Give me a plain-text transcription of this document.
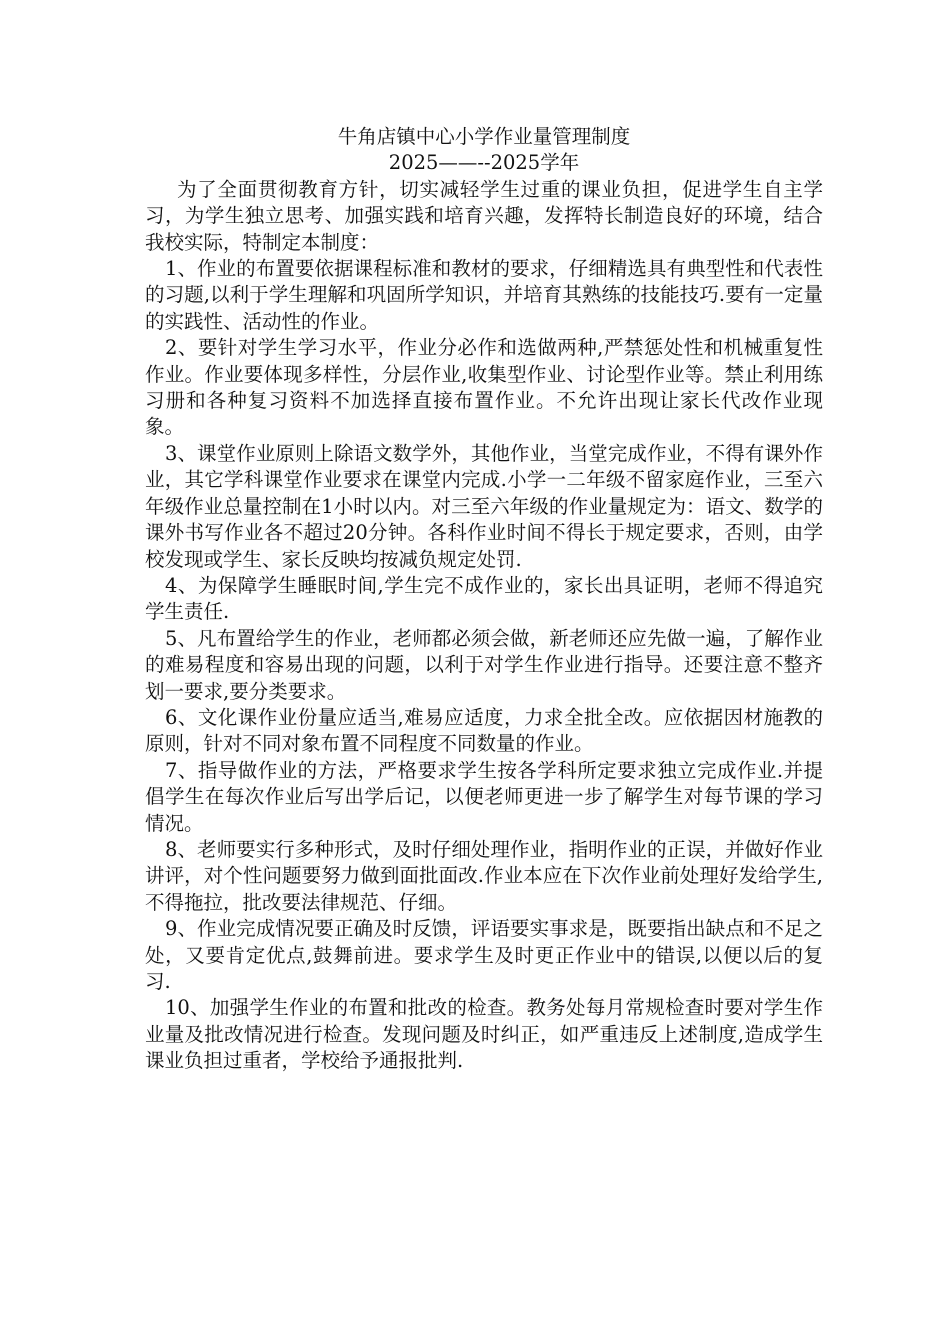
牛角店镇中心小学作业量管理制度
2025——--2025学年

为了全面贯彻教育方针，切实减轻学生过重的课业负担，促进学生自主学习，为学生独立思考、加强实践和培育兴趣，发挥特长制造良好的环境，结合我校实际，特制定本制度：

1、作业的布置要依据课程标准和教材的要求，仔细精选具有典型性和代表性的习题,以利于学生理解和巩固所学知识，并培育其熟练的技能技巧.要有一定量的实践性、活动性的作业。

2、要针对学生学习水平，作业分必作和选做两种,严禁惩处性和机械重复性作业。作业要体现多样性，分层作业,收集型作业、讨论型作业等。禁止利用练习册和各种复习资料不加选择直接布置作业。不允许出现让家长代改作业现象。

3、课堂作业原则上除语文数学外，其他作业，当堂完成作业，不得有课外作业，其它学科课堂作业要求在课堂内完成.小学一二年级不留家庭作业，三至六年级作业总量控制在1小时以内。对三至六年级的作业量规定为：语文、数学的课外书写作业各不超过20分钟。各科作业时间不得长于规定要求，否则，由学校发现或学生、家长反映均按减负规定处罚.

4、为保障学生睡眠时间,学生完不成作业的，家长出具证明，老师不得追究学生责任.

5、凡布置给学生的作业，老师都必须会做，新老师还应先做一遍，了解作业的难易程度和容易出现的问题，以利于对学生作业进行指导。还要注意不整齐划一要求,要分类要求。

6、文化课作业份量应适当,难易应适度，力求全批全改。应依据因材施教的原则，针对不同对象布置不同程度不同数量的作业。

7、指导做作业的方法，严格要求学生按各学科所定要求独立完成作业.并提倡学生在每次作业后写出学后记，以便老师更进一步了解学生对每节课的学习情况。

8、老师要实行多种形式，及时仔细处理作业，指明作业的正误，并做好作业讲评，对个性问题要努力做到面批面改.作业本应在下次作业前处理好发给学生,不得拖拉，批改要法律规范、仔细。

9、作业完成情况要正确及时反馈，评语要实事求是，既要指出缺点和不足之处，又要肯定优点,鼓舞前进。要求学生及时更正作业中的错误,以便以后的复习.

10、加强学生作业的布置和批改的检查。教务处每月常规检查时要对学生作业量及批改情况进行检查。发现问题及时纠正，如严重违反上述制度,造成学生课业负担过重者，学校给予通报批判.
